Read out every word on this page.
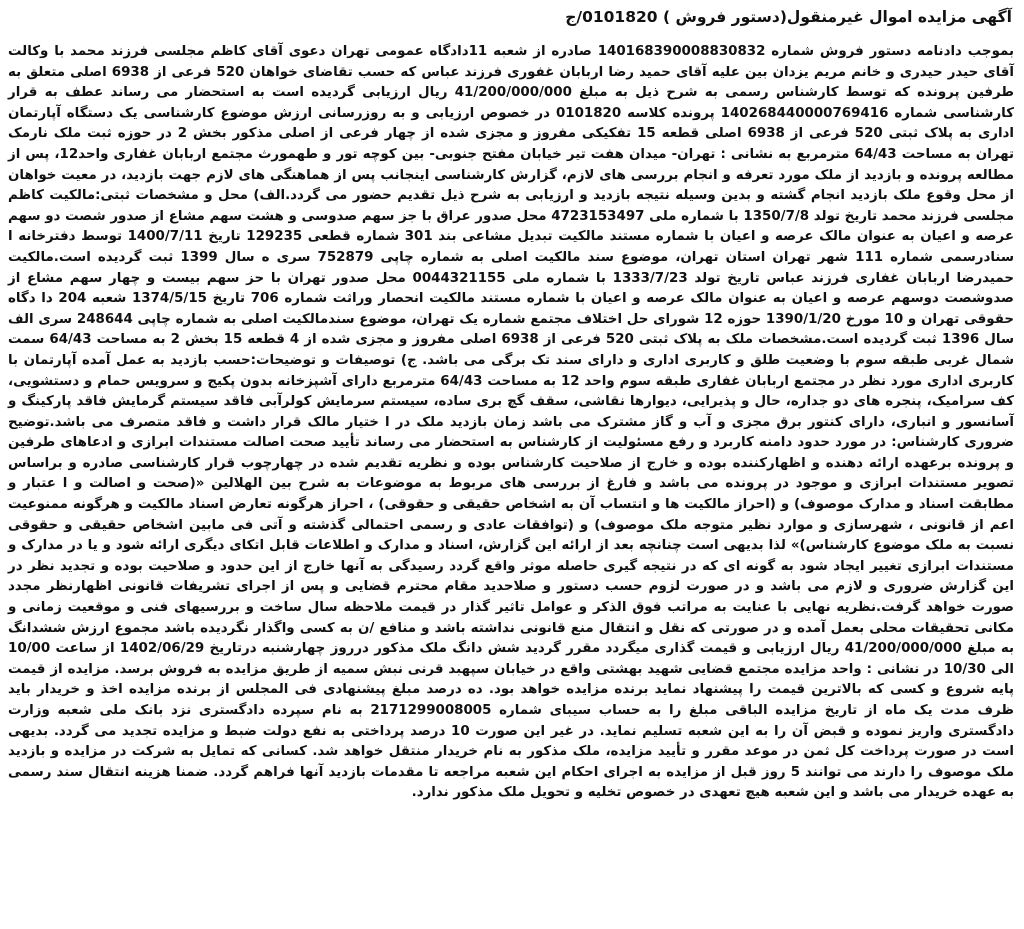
آگهی مزایده اموال غیرمنقول(دستور فروش ) 0101820/ج

بموجب دادنامه دستور فروش شماره 140168390008830832 صادره از شعبه 11دادگاه عمومی تهران دعوی آقای کاظم مجلسی فرزند محمد با وکالت آقای حیدر حیدری و خانم مریم یزدان بین علیه آقای حمید رضا اربابان غفوری فرزند عباس که حسب تقاضای خواهان 520 فرعی از 6938 اصلی متعلق به طرفین پرونده که توسط کارشناس رسمی به شرح ذیل به مبلغ 41/200/000/000 ریال ارزیابی گردیده است به استحضار می رساند عطف به قرار کارشناسی شماره 140268440000769416 پرونده کلاسه 0101820 در خصوص ارزیابی و به روزرسانی ارزش موضوع کارشناسی یک دستگاه آپارتمان اداری به پلاک ثبتی 520 فرعی از 6938 اصلی قطعه 15 تفکیکی مفروز و مجزی شده از چهار فرعی از اصلی مذکور بخش 2 در حوزه ثبت ملک نارمک تهران به مساحت 64/43 مترمربع به نشانی : تهران- میدان هفت تیر خیابان مفتح جنوبی- بین کوچه تور و طهمورث مجتمع اربابان غفاری واحد12، پس از مطالعه پرونده و بازدید از ملک مورد تعرفه و انجام بررسی های لازم، گزارش کارشناسی اینجانب پس از هماهنگی های لازم جهت بازدید، در معیت خواهان از محل وقوع ملک بازدید انجام گشته و بدین وسیله نتیجه بازدید و ارزیابی به شرح ذیل تقدیم حضور می گردد.الف) محل و مشخصات ثبتی:مالکیت کاظم مجلسی فرزند محمد تاریخ تولد 1350/7/8 با شماره ملی 4723153497 محل صدور عراق با جز سهم صدوسی و هشت سهم مشاع از صدور شصت دو سهم عرصه و اعیان به عنوان مالک عرصه و اعیان با شماره مستند مالکیت تبدیل مشاعی بند 301 شماره قطعی 129235 تاریخ 1400/7/11 توسط دفترخانه ا سنادرسمی شماره 111 شهر تهران استان تهران، موضوع سند مالکیت اصلی به شماره چاپی 752879 سری ه سال 1399 ثبت گردیده است.مالکیت حمیدرضا اربابان غفاری فرزند عباس تاریخ تولد 1333/7/23 با شماره ملی 0044321155 محل صدور تهران با حز سهم بیست و چهار سهم مشاع از صدوشصت دوسهم عرصه و اعیان به عنوان مالک عرصه و اعیان با شماره مستند مالکیت انحصار وراثت شماره 706 تاریخ 1374/5/15 شعبه 204 دا دگاه حقوقی تهران و 10 مورخ 1390/1/20 حوزه 12 شورای حل اختلاف مجتمع شماره یک تهران، موضوع سندمالکیت اصلی به شماره چاپی 248644 سری الف سال 1396 ثبت گردیده است.مشخصات ملک به پلاک ثبتی 520 فرعی از 6938 اصلی مفروز و مجزی شده از 4 قطعه 15 بخش 2 به مساحت 64/43 سمت شمال غربی طبقه سوم با وضعیت طلق و کاربری اداری و دارای سند تک برگی می باشد. ج) توصیفات و توضیحات:حسب بازدید به عمل آمده آپارتمان با کاربری اداری مورد نظر در مجتمع اربابان غفاری طبقه سوم واحد 12 به مساحت 64/43 مترمربع دارای آشپزخانه بدون پکیج و سرویس حمام و دستشویی، کف سرامیک، پنجره های دو جداره، حال و پذیرایی، دیوارها نقاشی، سقف گچ بری ساده، سیستم سرمایش کولرآبی فاقد سیستم گرمایش فاقد پارکینگ و آسانسور و انباری، دارای کنتور برق مجزی و آب و گاز مشترک می باشد زمان بازدید ملک در ا ختیار مالک قرار داشت و فاقد متصرف می باشد.توضیح ضروری کارشناس: در مورد حدود دامنه کاربرد و رفع مسئولیت از کارشناس به استحضار می رساند تأیید صحت اصالت مستندات ابرازی و ادعاهای طرفین و پرونده برعهده ارائه دهنده و اظهارکننده بوده و خارج از صلاحیت کارشناس بوده و نظریه تقدیم شده در چهارچوب قرار کارشناسی صادره و براساس تصویر مستندات ابرازی و موجود در پرونده می باشد و فارغ از بررسی های مربوط به موضوعات به شرح بین الهلالین «(صحت و اصالت و ا عتبار و مطابقت اسناد و مدارک موصوف) و (احراز مالکیت ها و انتساب آن به اشخاص حقیقی و حقوقی) ، احراز هرگونه تعارض اسناد مالکیت و هرگونه ممنوعیت اعم از قانونی ، شهرسازی و موارد نظیر متوجه ملک موصوف) و (توافقات عادی و رسمی احتمالی گذشته و آتی فی مابین اشخاص حقیقی و حقوقی نسبت به ملک موضوع کارشناس)» لذا بدیهی است چنانچه بعد از ارائه این گزارش، اسناد و مدارک و اطلاعات قابل اتکای دیگری ارائه شود و یا در مدارک و مستندات ابرازی تغییر ایجاد شود به گونه ای که در نتیجه گیری حاصله موثر واقع گردد رسیدگی به آنها خارج از این حدود و صلاحیت بوده و تجدید نظر در این گزارش ضروری و لازم می باشد و در صورت لزوم حسب دستور و صلاحدید مقام محترم قضایی و پس از اجرای تشریفات قانونی اظهارنظر مجدد صورت خواهد گرفت.نظریه نهایی با عنایت به مراتب فوق الذکر و عوامل تاثیر گذار در قیمت ملاحظه سال ساخت و بررسیهای فنی و موقعیت زمانی و مکانی تحقیقات محلی بعمل آمده و در صورتی که نقل و انتقال منع قانونی نداشته باشد و منافع /ن به کسی واگذار نگردیده باشد مجموع ارزش ششدانگ به مبلغ 41/200/000/000 ریال ارزیابی و قیمت گذاری میگردد مقرر گردید شش دانگ ملک مذکور درروز چهارشنبه درتاریخ 1402/06/29 از ساعت 10/00 الی 10/30 در نشانی : واحد مزایده مجتمع قضایی شهید بهشتی واقع در خیابان سپهبد قرنی نبش سمیه از طریق مزایده به فروش برسد. مزایده از قیمت پایه شروع و کسی که بالاترین قیمت را پیشنهاد نماید برنده مزایده خواهد بود. ده درصد مبلغ پیشنهادی فی المجلس از برنده مزایده اخذ و خریدار باید ظرف مدت یک ماه از تاریخ مزایده الباقی مبلغ را به حساب سیبای شماره 2171299008005 به نام سپرده دادگستری نزد بانک ملی شعبه وزارت دادگستری واریز نموده و قبض آن را به این شعبه تسلیم نماید. در غیر این صورت 10 درصد پرداختی به نفع دولت ضبط و مزایده تجدید می گردد. بدیهی است در صورت پرداخت کل ثمن در موعد مقرر و تأیید مزایده، ملک مذکور به نام خریدار منتقل خواهد شد. کسانی که تمایل به شرکت در مزایده و بازدید ملک موصوف را دارند می توانند 5 روز قبل از مزایده به اجرای احکام این شعبه مراجعه تا مقدمات بازدید آنها فراهم گردد. ضمنا هزینه انتقال سند رسمی به عهده خریدار می باشد و این شعبه هیچ تعهدی در خصوص تخلیه و تحویل ملک مذکور ندارد.
